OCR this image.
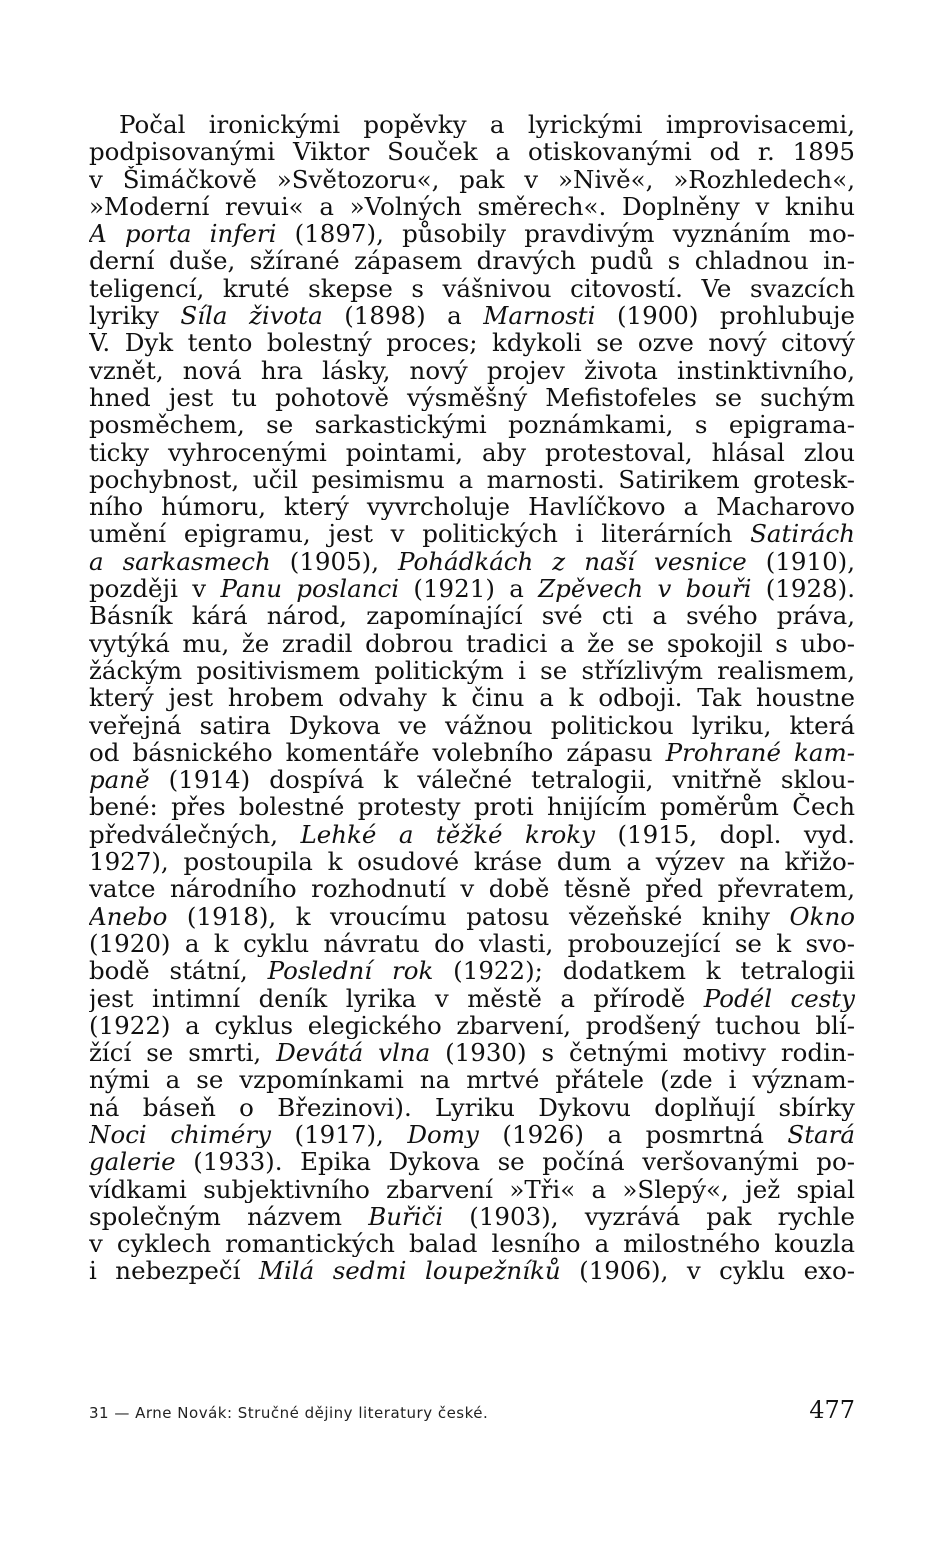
Počal ironickými popěvky a lyrickými improvisacemi,
podpisovanými Viktor Souček a otiskovanými od r. 1895
v Šimáčkově »Světozoru«, pak v »Nivě«, »Rozhledech«,
»Moderní revui« a »Volných směrech«. Doplněny v knihu
A porta inferi (1897), působily pravdivým vyznáním mo-
derní duše, sžírané zápasem dravých pudů s chladnou in-
teligencí, kruté skepse s vášnivou citovostí. Ve svazcích
lyriky Síla života (1898) a Marnosti (1900) prohlubuje
V. Dyk tento bolestný proces; kdykoli se ozve nový citový
vznět, nová hra lásky, nový projev života instinktivního,
hned jest tu pohotově výsměšný Mefistofeles se suchým
posměchem, se sarkastickými poznámkami, s epigrama-
ticky vyhrocenými pointami, aby protestoval, hlásal zlou
pochybnost, učil pesimismu a marnosti. Satirikem grotesk-
ního húmoru, který vyvrcholuje Havlíčkovo a Macharovo
umění epigramu, jest v politických i literárních Satirách
a sarkasmech (1905), Pohádkách z naší vesnice (1910),
později v Panu poslanci (1921) a Zpěvech v bouři (1928).
Básník kárá národ, zapomínající své cti a svého práva,
vytýká mu, že zradil dobrou tradici a že se spokojil s ubo-
žáckým positivismem politickým i se střízlivým realismem,
který jest hrobem odvahy k činu a k odboji. Tak houstne
veřejná satira Dykova ve vážnou politickou lyriku, která
od básnického komentáře volebního zápasu Prohrané kam-
paně (1914) dospívá k válečné tetralogii, vnitřně sklou-
bené: přes bolestné protesty proti hnijícím poměrům Čech
předválečných, Lehké a těžké kroky (1915, dopl. vyd.
1927), postoupila k osudové kráse dum a výzev na křižo-
vatce národního rozhodnutí v době těsně před převratem,
Anebo (1918), k vroucímu patosu vězeňské knihy Okno
(1920) a k cyklu návratu do vlasti, probouzející se k svo-
bodě státní, Poslední rok (1922); dodatkem k tetralogii
jest intimní deník lyrika v městě a přírodě Podél cesty
(1922) a cyklus elegického zbarvení, prodšený tuchou blí-
žící se smrti, Devátá vlna (1930) s četnými motivy rodin-
nými a se vzpomínkami na mrtvé přátele (zde i význam-
ná báseň o Březinovi). Lyriku Dykovu doplňují sbírky
Noci chiméry (1917), Domy (1926) a posmrtná Stará
galerie (1933). Epika Dykova se počíná veršovanými po-
vídkami subjektivního zbarvení »Tři« a »Slepý«, jež spial
společným názvem Buřiči (1903), vyzrává pak rychle
v cyklech romantických balad lesního a milostného kouzla
i nebezpečí Milá sedmi loupežníků (1906), v cyklu exo-
31 — Arne Novák: Stručné dějiny literatury české.	477
